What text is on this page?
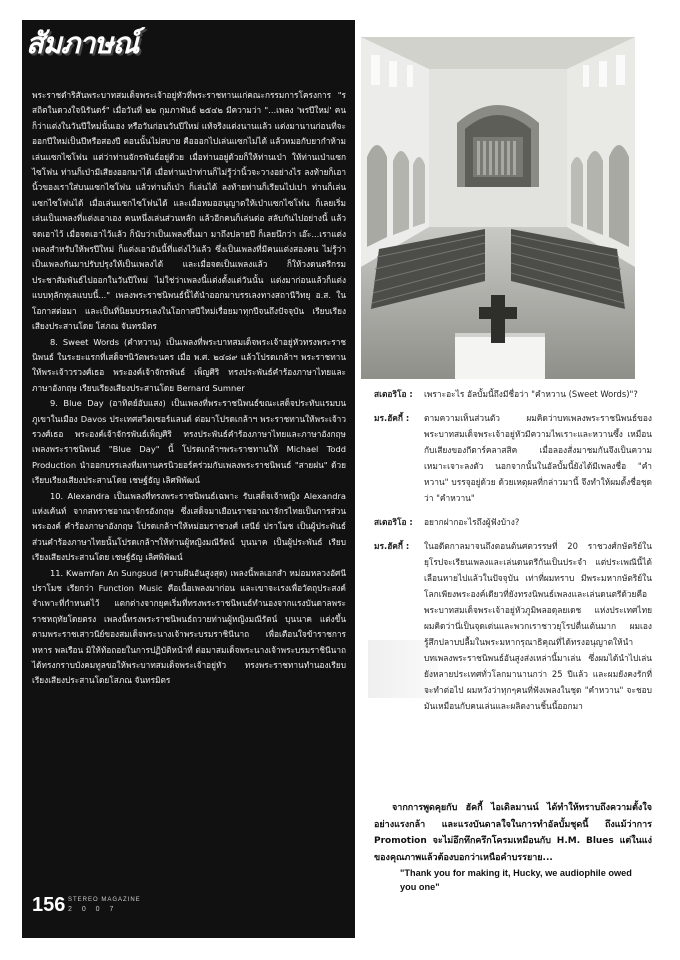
สัมภาษณ์

พระราชดำริสันพระบาทสมเด็จพระเจ้าอยู่หัวที่พระราชทานแก่คณะกรรมการโครงการ "ร สถิตในดวงใจนิรันดร์" เมื่อวันที่ ๒๒ กุมภาพันธ์ ๒๕๔๒ มีความว่า "...เพลง 'พรปีใหม่' คนก็ว่าแต่งในวันปีใหม่นั้นเอง หรือวันก่อนวันปีใหม่ แท้จริงแต่งนานแล้ว แต่งมานานก่อนที่จะออกปีใหม่เป็นปีหรือสองปี ตอนนั้นไม่สบาย คือออกไปเล่นแซกไม่ได้ แล้วหมอกับยากำห้ามเล่นแซกไซโฟน แต่ว่าท่านจักรพันธ์อยู่ด้วย เมื่อท่านอยู่ด้วยก็ให้ท่านเป่า ให้ท่านเป่าแซกไซโฟน ท่านก็เป่ามีเสียงออกมาได้ เมื่อท่านเป่าท่านก็ไม่รู้ว่านิ้วจะวางอย่างไร ลงท้ายก็เอานิ้วของเราใส่บนแซกไซโฟน แล้วท่านก็เป่า ก็เล่นได้ ลงท้ายท่านก็เรียนไปเปา ท่านก็เล่นแซกไซโฟนได้ เมื่อเล่นแซกไซโฟนได้ และเมื่อหมออนุญาตให้เป่าแซกไซโฟน ก็เลยเริ่มเล่นเป็นเพลงที่แต่งเอาเอง คนหนึ่งเล่นส่วนหลัก แล้วอีกคนก็เล่นต่อ สลับกันไปอย่างนี้ แล้วจดเอาไว้ เมื่อจดเอาไว้แล้ว ก็นับว่าเป็นเพลงขึ้นมา มาถึงปลายปี ก็เลยนึกว่า เอ๊ะ...เราแต่งเพลงสำหรับให้พรปีใหม่ ก็แต่งเอาอันนี้ที่แต่งไว้แล้ว ซึ่งเป็นเพลงที่มีคนแต่งสองคน ไม่รู้ว่าเป็นเพลงกันมาปรับปรุงให้เป็นเพลงได้ และเมื่อจดเป็นเพลงแล้ว ก็ให้วงดนตรีกรมประชาสัมพันธ์ไปออกในวันปีใหม่ ไม่ใช่ว่าเพลงนี้แต่งตั้งแต่วันนั้น แต่งมาก่อนแล้วก็แต่งแบบทุลักทุเลแบบนี้..." เพลงพระราชนิพนธ์นี้ได้นำออกมาบรรเลงทางสถานีวิทยุ อ.ส. ในโอกาสต่อมา และเป็นที่นิยมบรรเลงในโอกาสปีใหม่เรื่อยมาทุกปีจนถึงปัจจุบัน เรียบเรียงเสียงประสานโดย โสภณ จันทรมิตร

8. Sweet Words (คำหวาน) เป็นเพลงที่พระบาทสมเด็จพระเจ้าอยู่หัวทรงพระราชนิพนธ์ ในระยะแรกที่เสด็จฯนิวัตพระนคร เมื่อ พ.ศ. ๒๔๘๙ แล้วโปรดเกล้าฯ พระราชทานให้พระเจ้าวรวงศ์เธอ พระองค์เจ้าจักรพันธ์ เพ็ญศิริ ทรงประพันธ์คำร้องภาษาไทยและภาษาอังกฤษ เรียบเรียงเสียงประสานโดย Bernard Sumner

9. Blue Day (อาทิตย์อับแสง) เป็นเพลงที่พระราชนิพนธ์ขณะเสด็จประทับแรมบนภูเขาในเมือง Davos ประเทศสวิตเซอร์แลนด์ ต่อมาโปรดเกล้าฯ พระราชทานให้พระเจ้าวรวงศ์เธอ พระองค์เจ้าจักรพันธ์เพ็ญศิริ ทรงประพันธ์คำร้องภาษาไทยและภาษาอังกฤษ เพลงพระราชนิพนธ์ "Blue Day" นี้ โปรดเกล้าฯพระราชทานให้ Michael Todd Production นำออกบรรเลงที่มหานครนิวยอร์คร่วมกับเพลงพระราชนิพนธ์ "สายฝน" ด้วยเรียบเรียงเสียงประสานโดย เชษฐ์ธัญ เลิศพิพัฒน์

10. Alexandra เป็นเพลงที่ทรงพระราชนิพนธ์เฉพาะ รับเสด็จเจ้าหญิง Alexandra แห่งเค้นท์ จากสหราชอาณาจักรอังกฤษ ซึ่งเสด็จมาเยือนราชอาณาจักรไทยเป็นการส่วนพระองค์ คำร้องภาษาอังกฤษ โปรดเกล้าฯให้หม่อมราชวงศ์ เสนีย์ ปราโมช เป็นผู้ประพันธ์ ส่วนคำร้องภาษาไทยนั้นโปรดเกล้าฯให้ท่านผู้หญิงมณีรัตน์ บุนนาค เป็นผู้ประพันธ์ เรียบเรียงเสียงประสานโดย เชษฐ์ธัญ เลิศพิพัฒน์

11. Kwamfan An Sungsud (ความฝันอันสูงสุด) เพลงนี้พลเอกสำ หม่อมหลวงอัศนี ปราโมช เรียกว่า Function Music คือเนื้อเพลงมาก่อน และเขาจะเรงเพื่อวัตถุประสงค์จำเพาะที่กำหนดไว้ แตกต่างจากยุคเริ่มที่ทรงพระราชนิพนธ์ทำนองจากแรงบันดาลพระราชหฤทัยโดยตรง เพลงนี้ทรงพระราชนิพนธ์ถวายท่านผู้หญิงมณีรัตน์ บุนนาค แต่งขึ้นตามพระราชเสาวนีย์ของสมเด็จพระนางเจ้าพระบรมราชินีนาถ เพื่อเตือนใจข้าราชการ ทหาร พลเรือน มิให้ท้อถอยในการปฏิบัติหน้าที่ ต่อมาสมเด็จพระนางเจ้าพระบรมราชินีนาถ ได้ทรงกราบบังคมทูลขอให้พระบาทสมเด็จพระเจ้าอยู่หัว ทรงพระราชทานทำนองเรียบเรียงเสียงประสานโดยโสภณ จันทรมิตร

156 STEREO MAGAZINE
2 0 0 7
สเตอริโอ :	เพราะอะไร อัลบั้มนี้ถึงมีชื่อว่า "คำหวาน (Sweet Words)"?
มร.ฮัคกี้ :	ตามความเห็นส่วนตัว ผมคิดว่าบทเพลงพระราชนิพนธ์ของพระบาทสมเด็จพระเจ้าอยู่หัวมีความไพเราะและหวานซึ้ง เหมือนกับเสียงของกีตาร์คลาสสิค เมื่อลองสั่งมาชมกันจึงเป็นความเหมาะเจาะลงตัว นอกจากนั้นในอัลบั้มนี้ยังได้มีเพลงชื่อ "คำหวาน" บรรจุอยู่ด้วย ด้วยเหตุผลที่กล่าวมานี้ จึงทำให้ผมตั้งชื่อชุดว่า "คำหวาน"
สเตอริโอ :	อยากฝากอะไรถึงผู้ฟังบ้าง?
มร.ฮัคกี้ :	ในอดีตกาลมาจนถึงตอนต้นศตวรรษที่ 20 ราชวงศ์กษัตริย์ในยุโรปจะเรียนเพลงและเล่นดนตรีกันเป็นประจำ แต่ประเพณีนี้ได้เลือนหายไปแล้วในปัจจุบัน เท่าที่ผมทราบ มีพระมหากษัตริย์ในโลกเพียงพระองค์เดียวที่ยังทรงนิพนธ์เพลงและเล่นดนตรีด้วยคือ พระบาทสมเด็จพระเจ้าอยู่หัวภูมิพลอดุลยเดช แห่งประเทศไทย ผมคิดว่านี่เป็นจุดเด่นและพวกเราชาวยุโรปตื่นเต้นมาก ผมเองรู้สึกปลาบปลื้มในพระมหากรุณาธิคุณที่ได้ทรงอนุญาตให้นำบทเพลงพระราชนิพนธ์อันสูงส่งเหล่านี้มาเล่น ซึ่งผมได้นำไปเล่นยังหลายประเทศทั่วโลกมานานกว่า 25 ปีแล้ว และผมยังคงรักที่จะทำต่อไป ผมหวังว่าทุกๆคนที่ฟังเพลงในชุด "คำหวาน" จะชอบมันเหมือนกับคนเล่นและผลิตงานชิ้นนี้ออกมา

จากการพูดคุยกับ ฮัคกี้ ไอเดิลมานน์ ได้ทำให้ทราบถึงความตั้งใจอย่างแรงกล้า และแรงบันดาลใจในการทำอัลบั้มชุดนี้ ถึงแม้ว่าการ Promotion จะไม่อึกทึกครึกโครมเหมือนกับ H.M. Blues แต่ในแง่ของคุณภาพแล้วต้องบอกว่าเหนือคำบรรยาย...

"Thank you for making it, Hucky, we audiophile owed you one"
